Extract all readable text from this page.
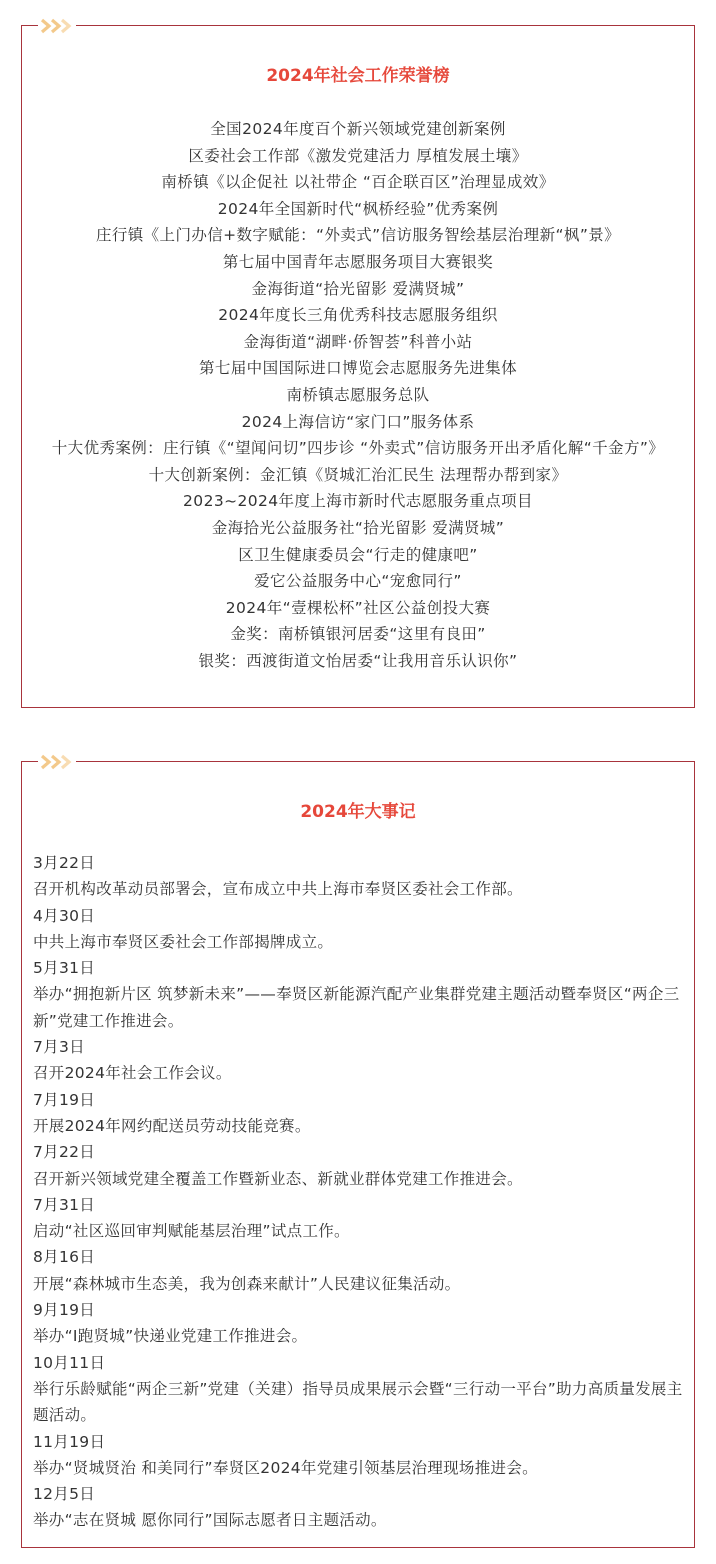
2024年社会工作荣誉榜
全国2024年度百个新兴领域党建创新案例
区委社会工作部《激发党建活力 厚植发展土壤》
南桥镇《以企促社 以社带企 “百企联百区”治理显成效》
2024年全国新时代“枫桥经验”优秀案例
庄行镇《上门办信+数字赋能：“外卖式”信访服务智绘基层治理新“枫”景》
第七届中国青年志愿服务项目大赛银奖
金海街道“拾光留影 爱满贤城”
2024年度长三角优秀科技志愿服务组织
金海街道“湖畔·侨智荟”科普小站
第七届中国国际进口博览会志愿服务先进集体
南桥镇志愿服务总队
2024上海信访“家门口”服务体系
十大优秀案例：庄行镇《“望闻问切”四步诊 “外卖式”信访服务开出矛盾化解“千金方”》
十大创新案例：金汇镇《贤城汇治汇民生 法理帮办帮到家》
2023~2024年度上海市新时代志愿服务重点项目
金海拾光公益服务社“拾光留影 爱满贤城”
区卫生健康委员会“行走的健康吧”
爱它公益服务中心“宠愈同行”
2024年“壹棵松杯”社区公益创投大赛
金奖：南桥镇银河居委“这里有良田”
银奖：西渡街道文怡居委“让我用音乐认识你”
2024年大事记
3月22日
召开机构改革动员部署会，宣布成立中共上海市奉贤区委社会工作部。
4月30日
中共上海市奉贤区委社会工作部揭牌成立。
5月31日
举办“拥抱新片区 筑梦新未来”——奉贤区新能源汽配产业集群党建主题活动暨奉贤区“两企三新”党建工作推进会。
7月3日
召开2024年社会工作会议。
7月19日
开展2024年网约配送员劳动技能竞赛。
7月22日
召开新兴领域党建全覆盖工作暨新业态、新就业群体党建工作推进会。
7月31日
启动“社区巡回审判赋能基层治理”试点工作。
8月16日
开展“森林城市生态美，我为创森来献计”人民建议征集活动。
9月19日
举办“I跑贤城”快递业党建工作推进会。
10月11日
举行乐龄赋能“两企三新”党建（关建）指导员成果展示会暨“三行动一平台”助力高质量发展主题活动。
11月19日
举办“贤城贤治 和美同行”奉贤区2024年党建引领基层治理现场推进会。
12月5日
举办“志在贤城 愿你同行”国际志愿者日主题活动。
